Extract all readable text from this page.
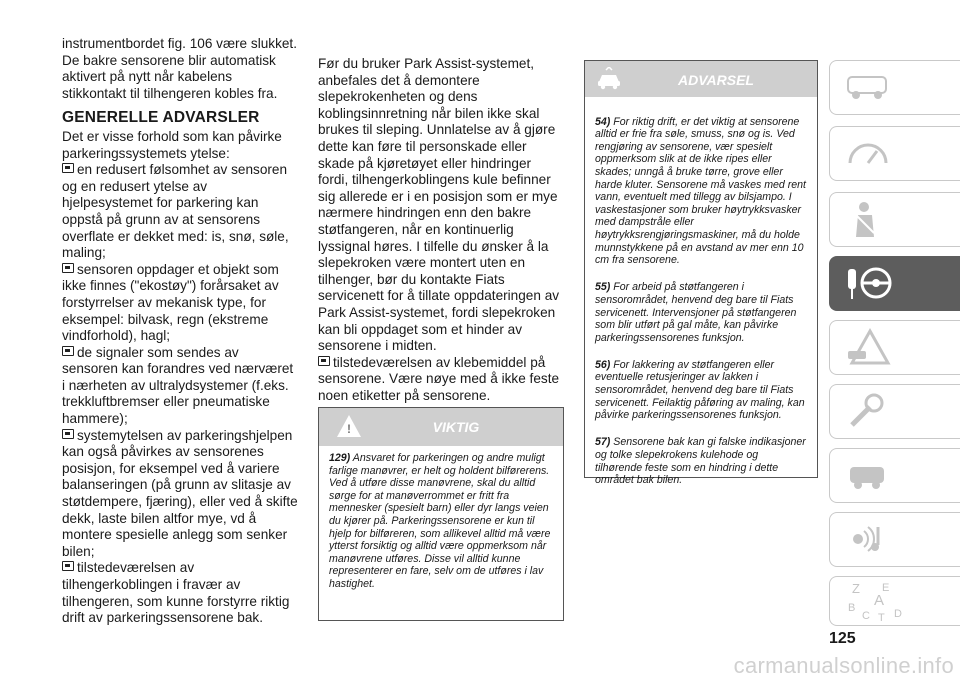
instrumentbordet fig. 106 være slukket.
De bakre sensorene blir automatisk aktivert på nytt når kabelens stikkontakt til tilhengeren kobles fra.

GENERELLE ADVARSLER

Det er visse forhold som kan påvirke parkeringssystemets ytelse:

en redusert følsomhet av sensoren og en redusert ytelse av hjelpesystemet for parkering kan oppstå på grunn av at sensorens overflate er dekket med: is, snø, søle, maling;

sensoren oppdager et objekt som ikke finnes ("ekostøy") forårsaket av forstyrrelser av mekanisk type, for eksempel: bilvask, regn (ekstreme vindforhold), hagl;

de signaler som sendes av sensoren kan forandres ved nærværet i nærheten av ultralydsystemer (f.eks. trekkluftbremser eller pneumatiske hammere);

systemytelsen av parkeringshjelpen kan også påvirkes av sensorenes posisjon, for eksempel ved å variere balanseringen (på grunn av slitasje av støtdempere, fjæring), eller ved å skifte dekk, laste bilen altfor mye, vd å montere spesielle anlegg som senker bilen;

tilstedeværelsen av tilhengerkoblingen i fravær av tilhengeren, som kunne forstyrre riktig drift av parkeringssensorene bak.

Før du bruker Park Assist-systemet, anbefales det å demontere slepekrokenheten og dens koblingsinnretning når bilen ikke skal brukes til sleping. Unnlatelse av å gjøre dette kan føre til personskade eller skade på kjøretøyet eller hindringer fordi, tilhengerkoblingens kule befinner sig allerede er i en posisjon som er mye nærmere hindringen enn den bakre støtfangeren, når en kontinuerlig lyssignal høres. I tilfelle du ønsker å la slepekroken være montert uten en tilhenger, bør du kontakte Fiats servicenett for å tillate oppdateringen av Park Assist-systemet, fordi slepekroken kan bli oppdaget som et hinder av sensorene i midten.

tilstedeværelsen av klebemiddel på sensorene. Være nøye med å ikke feste noen etiketter på sensorene.

!	VIKTIG
129) Ansvaret for parkeringen og andre muligt farlige manøvrer, er helt og holdent bilførerens. Ved å utføre disse manøvrene, skal du alltid sørge for at manøverrommet er fritt fra mennesker (spesielt barn) eller dyr langs veien du kjører på. Parkeringssensorene er kun til hjelp for bilføreren, som allikevel alltid må være ytterst forsiktig og alltid være oppmerksom når manøvrene utføres. Disse vil alltid kunne representerer en fare, selv om de utføres i lav hastighet.
ADVARSEL

54) For riktig drift, er det viktig at sensorene alltid er frie fra søle, smuss, snø og is. Ved rengjøring av sensorene, vær spesielt oppmerksom slik at de ikke ripes eller skades; unngå å bruke tørre, grove eller harde kluter. Sensorene må vaskes med rent vann, eventuelt med tillegg av bilsjampo. I vaskestasjoner som bruker høytrykksvasker med dampstråle eller høytrykksrengjøringsmaskiner, må du holde munnstykkene på en avstand av mer enn 10 cm fra sensorene.

55) For arbeid på støtfangeren i sensorområdet, henvend deg bare til Fiats servicenett. Intervensjoner på støtfangeren som blir utført på gal måte, kan påvirke parkeringssensorenes funksjon.

56) For lakkering av støtfangeren eller eventuelle retusjeringer av lakken i sensorområdet, henvend deg bare til Fiats servicenett. Feilaktig påføring av maling, kan påvirke parkeringssensorenes funksjon.

57) Sensorene bak kan gi falske indikasjoner og tolke slepekrokens kulehode og tilhørende feste som en hindring i dette området bak bilen.

Z E
A
B
C D
T
125
carmanualsonline.info
